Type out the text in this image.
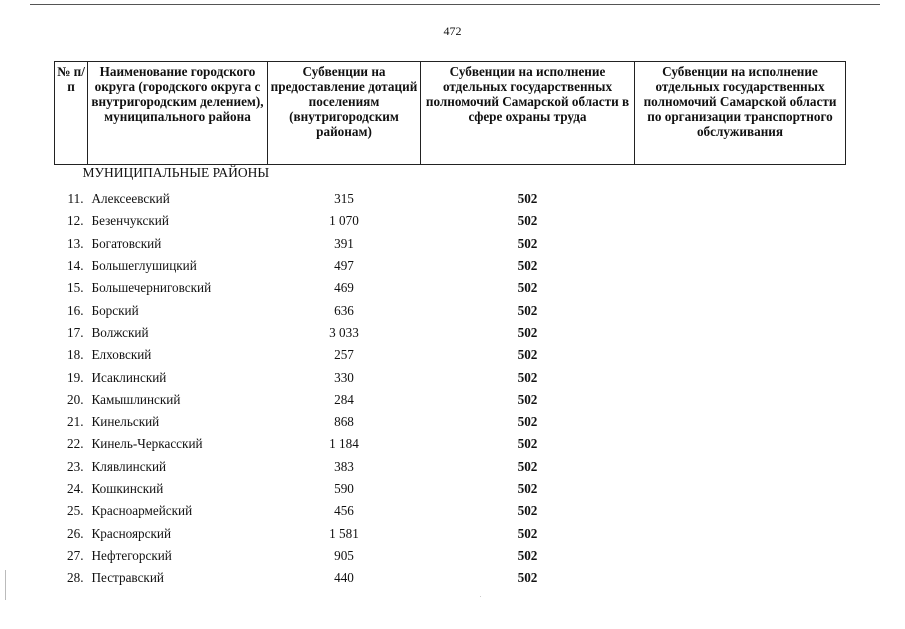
472
№ п/п	Наименование городского округа (городского округа с внутригородским делением), муниципального района	Субвенции на предоставление дотаций поселениям (внутригородским районам)	Субвенции на исполнение отдельных государственных полномочий Самарской области в сфере охраны труда	Субвенции на исполнение отдельных государственных полномочий Самарской области по организации транспортного обслуживания
МУНИЦИПАЛЬНЫЕ РАЙОНЫ				
11.	Алексеевский	315	502	
12.	Безенчукский	1 070	502	
13.	Богатовский	391	502	
14.	Большеглушицкий	497	502	
15.	Большечерниговский	469	502	
16.	Борский	636	502	
17.	Волжский	3 033	502	
18.	Елховский	257	502	
19.	Исаклинский	330	502	
20.	Камышлинский	284	502	
21.	Кинельский	868	502	
22.	Кинель-Черкасский	1 184	502	
23.	Клявлинский	383	502	
24.	Кошкинский	590	502	
25.	Красноармейский	456	502	
26.	Красноярский	1 581	502	
27.	Нефтегорский	905	502	
28.	Пестравский	440	502	
